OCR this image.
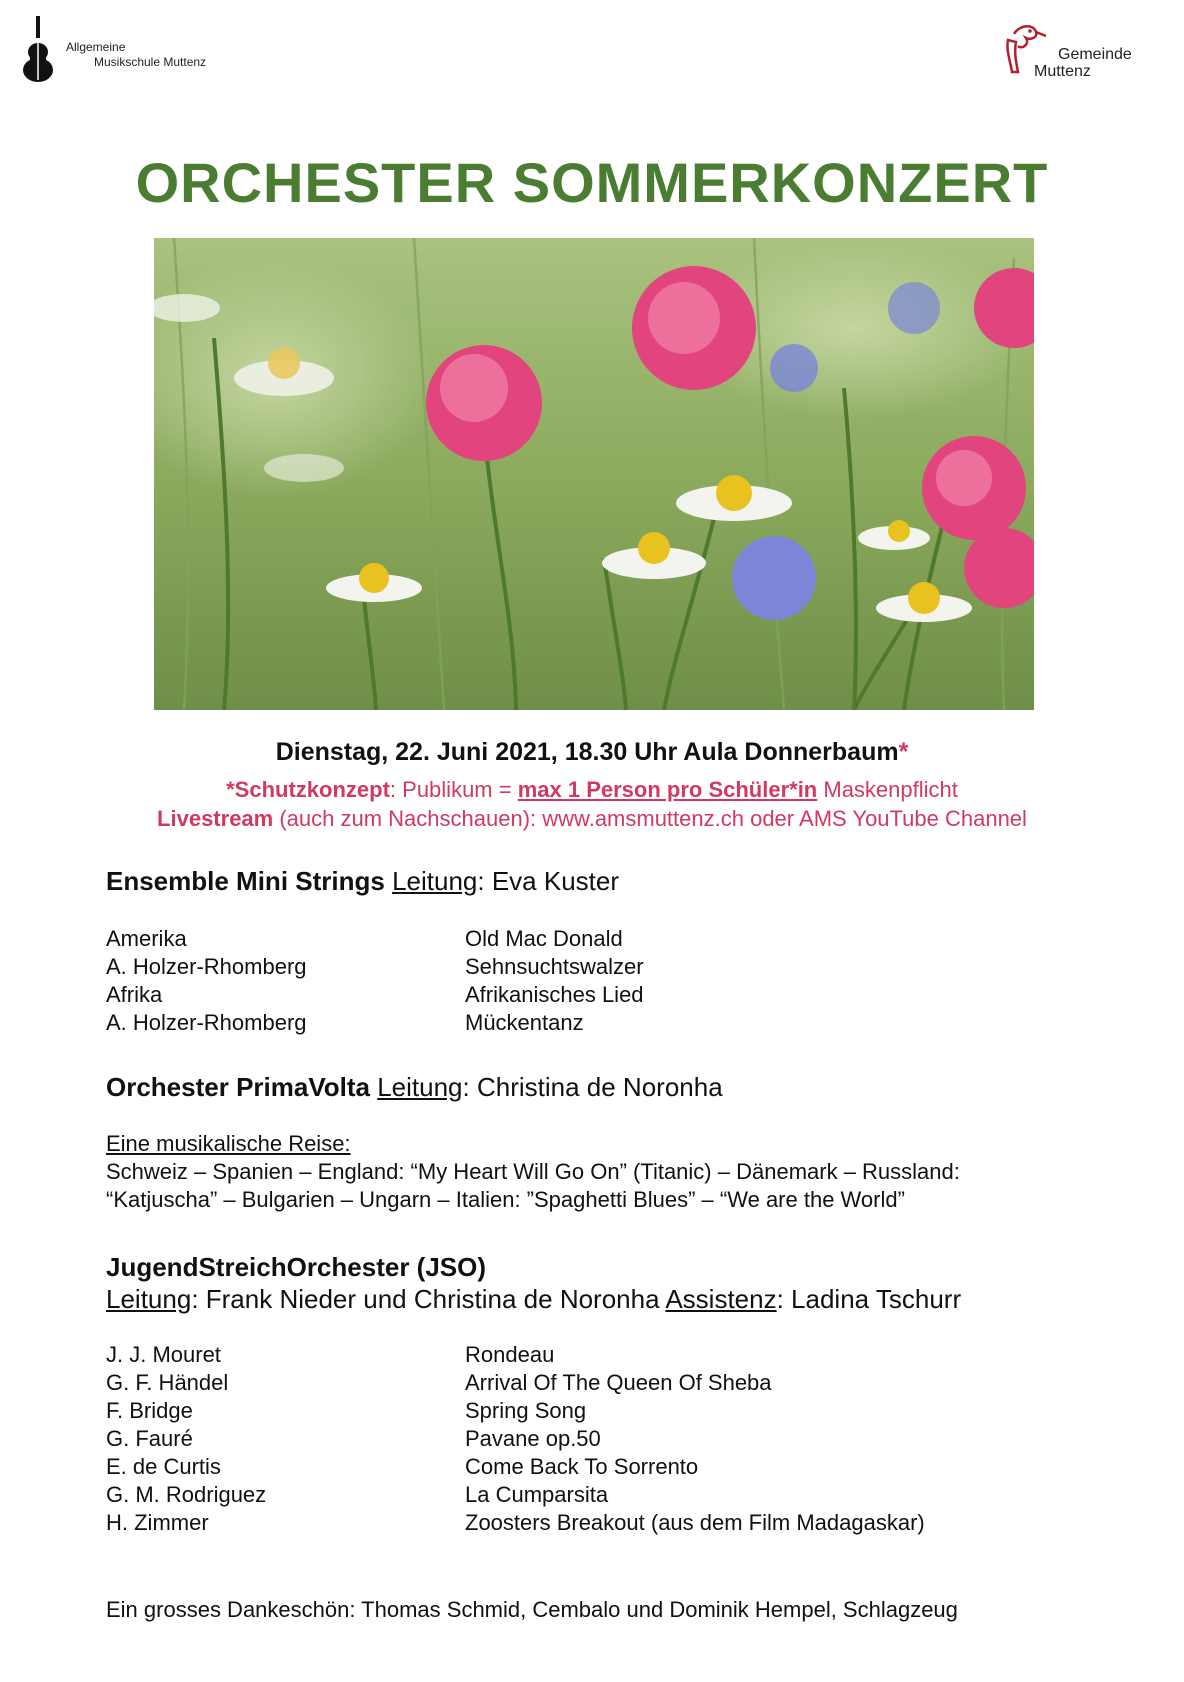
Allgemeine
Musikschule Muttenz	Gemeinde
Muttenz
ORCHESTER SOMMERKONZERT
Dienstag, 22. Juni 2021, 18.30 Uhr Aula Donnerbaum*
*Schutzkonzept: Publikum = max 1 Person pro Schüler*in Maskenpflicht
Livestream (auch zum Nachschauen): www.amsmuttenz.ch oder AMS YouTube Channel
Ensemble Mini Strings Leitung: Eva Kuster
Amerika	Old Mac Donald
A. Holzer-Rhomberg	Sehnsuchtswalzer
Afrika	Afrikanisches Lied
A. Holzer-Rhomberg	Mückentanz
Orchester PrimaVolta Leitung: Christina de Noronha
Eine musikalische Reise:
Schweiz – Spanien – England: “My Heart Will Go On” (Titanic) – Dänemark – Russland:
“Katjuscha” – Bulgarien – Ungarn – Italien: ”Spaghetti Blues” – “We are the World”
JugendStreichOrchester (JSO)
Leitung: Frank Nieder und Christina de Noronha Assistenz: Ladina Tschurr
J. J. Mouret	Rondeau
G. F. Händel	Arrival Of The Queen Of Sheba
F. Bridge	Spring Song
G. Fauré	Pavane op.50
E. de Curtis	Come Back To Sorrento
G. M. Rodriguez	La Cumparsita
H. Zimmer	Zoosters Breakout (aus dem Film Madagaskar)
Ein grosses Dankeschön: Thomas Schmid, Cembalo und Dominik Hempel, Schlagzeug
